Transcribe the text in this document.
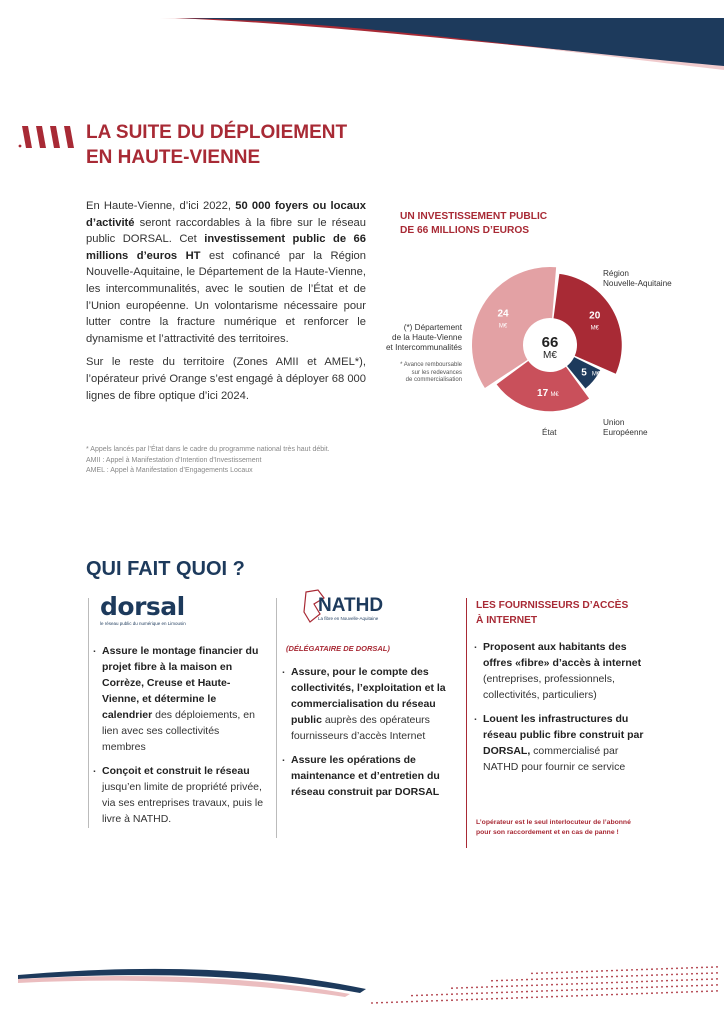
LA SUITE DU DÉPLOIEMENT
EN HAUTE-VIENNE

En Haute-Vienne, d’ici 2022, 50 000 foyers ou locaux d’activité seront raccordables à la fibre sur le réseau public DORSAL. Cet investissement public de 66 millions d’euros HT est cofinancé par la Région Nouvelle-Aquitaine, le Département de la Haute-Vienne, les intercommunalités, avec le soutien de l’État et de l’Union européenne. Un volontarisme nécessaire pour lutter contre la fracture numérique et renforcer le dynamisme et l’attractivité des territoires.

Sur le reste du territoire (Zones AMII et AMEL*), l’opérateur privé Orange s’est engagé à déployer 68 000 lignes de fibre optique d’ici 2024.

* Appels lancés par l’État dans le cadre du programme national très haut débit.
AMII : Appel à Manifestation d’Intention d’Investissement
AMEL : Appel à Manifestation d’Engagements Locaux
UN INVESTISSEMENT PUBLIC
DE 66 MILLIONS D’EUROS
20
M€
5 M€
17 M€
24
M€
66
M€
Région
Nouvelle-Aquitaine
Union
Européenne
État
(*) Département
de la Haute-Vienne
et Intercommunalités
* Avance remboursable
sur les redevances
de commercialisation
QUI FAIT QUOI ?
dorsal
le réseau public du numérique en Limousin
. Assure le montage financier du projet fibre à la maison en Corrèze, Creuse et Haute-Vienne, et détermine le calendrier des déploiements, en lien avec ses collectivités membres
. Conçoit et construit le réseau jusqu’en limite de propriété privée, via ses entreprises travaux, puis le livre à NATHD.
NATHD
La fibre en Nouvelle-Aquitaine
(DÉLÉGATAIRE DE DORSAL)
. Assure, pour le compte des collectivités, l’exploitation et la commercialisation du réseau public auprès des opérateurs fournisseurs d’accès Internet
. Assure les opérations de maintenance et d’entretien du réseau construit par DORSAL
LES FOURNISSEURS D’ACCÈS
À INTERNET
. Proposent aux habitants des offres «fibre» d’accès à internet (entreprises, professionnels, collectivités, particuliers)
. Louent les infrastructures du réseau public fibre construit par DORSAL, commercialisé par NATHD pour fournir ce service
L’opérateur est le seul interlocuteur de l’abonné
pour son raccordement et en cas de panne !
